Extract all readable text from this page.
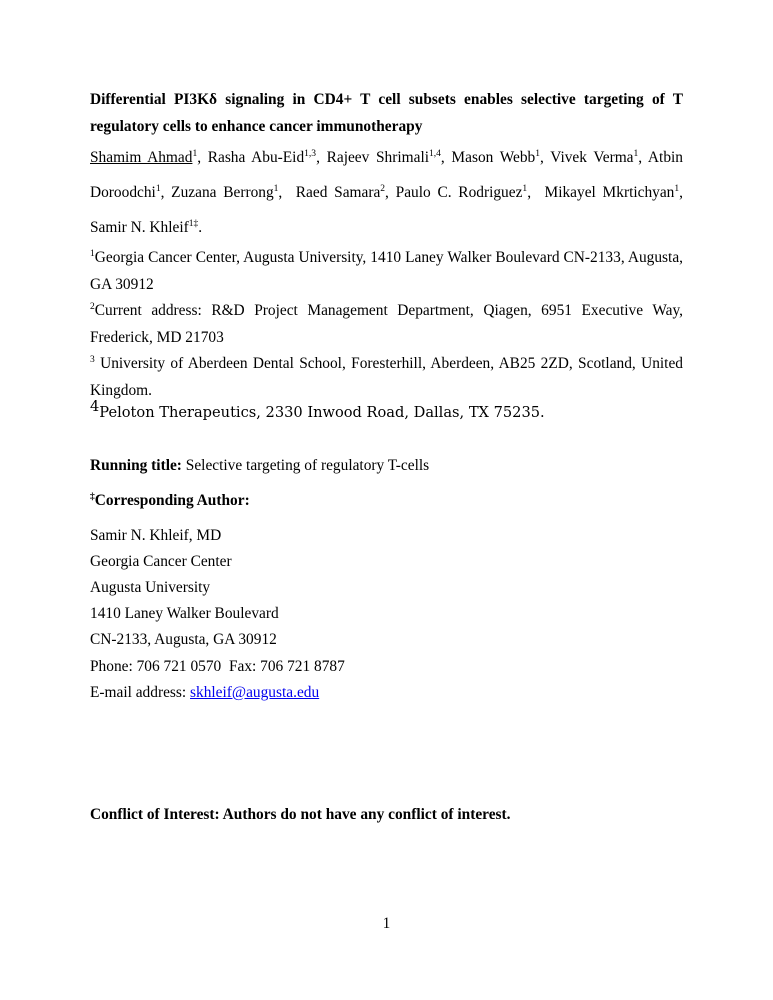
Differential PI3Kδ signaling in CD4+ T cell subsets enables selective targeting of T regulatory cells to enhance cancer immunotherapy

Shamim Ahmad$^1$, Rasha Abu-Eid$^{1,3}$, Rajeev Shrimali$^{1,4}$, Mason Webb$^1$, Vivek Verma$^1$, Atbin Doroodchi$^1$, Zuzana Berrong$^1$,  Raed Samara$^2$, Paulo C. Rodriguez$^1$,  Mikayel Mkrtichyan$^1$, Samir N. Khleif$^{1\ddagger}$.

$^1$Georgia Cancer Center, Augusta University, 1410 Laney Walker Boulevard CN-2133, Augusta, GA 30912

$^2$Current address: R&D Project Management Department, Qiagen, 6951 Executive Way, Frederick, MD 21703

$^3$ University of Aberdeen Dental School, Foresterhill, Aberdeen, AB25 2ZD, Scotland, United Kingdom.

$^4$Peloton Therapeutics, 2330 Inwood Road, Dallas, TX 75235.

Running title: Selective targeting of regulatory T-cells

‡Corresponding Author:

Samir N. Khleif, MD

Georgia Cancer Center

Augusta University

1410 Laney Walker Boulevard

CN-2133, Augusta, GA 30912

Phone: 706 721 0570  Fax: 706 721 8787

E-mail address: skhleif@augusta.edu

Conflict of Interest: Authors do not have any conflict of interest.

1
